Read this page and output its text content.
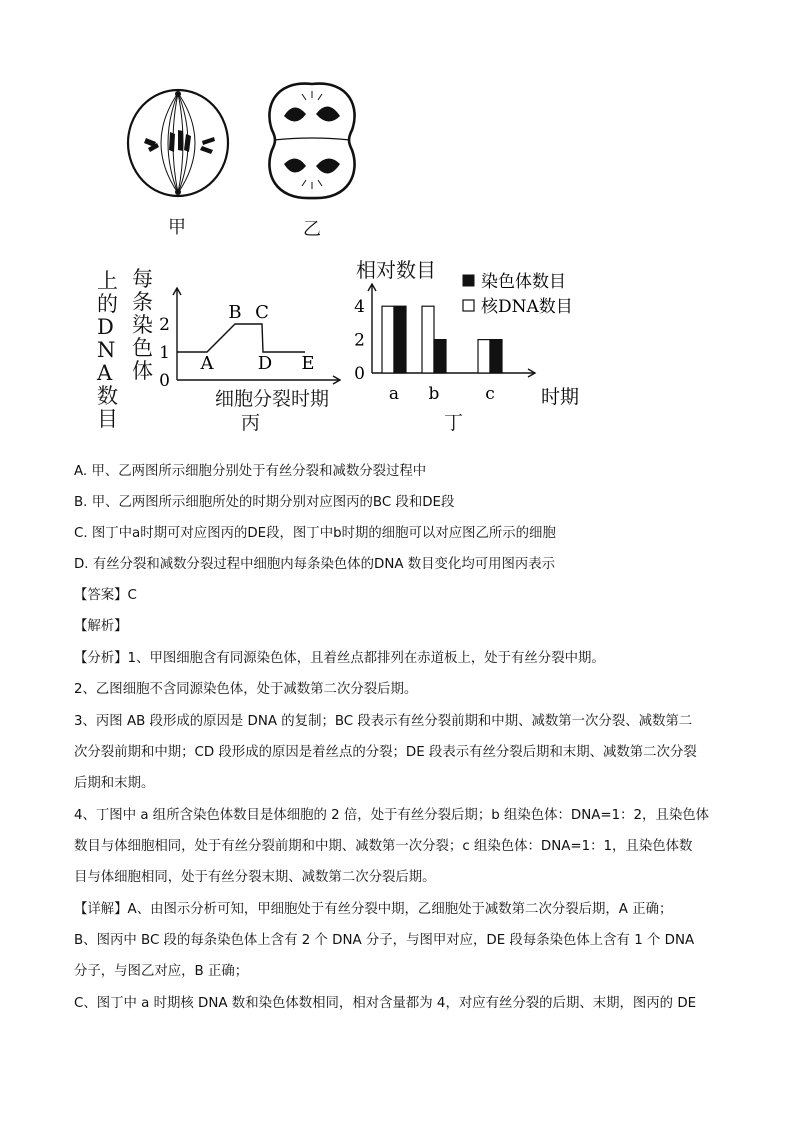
甲	乙
上的DNA数目
每条染色体 0
1
2
A
B C
D E
细胞分裂时期
丙
相对数目
0
2
4
a b	c 时期
染色体数目
核DNA数目
丁
A. 甲、乙两图所示细胞分别处于有丝分裂和减数分裂过程中
B. 甲、乙两图所示细胞所处的时期分别对应图丙的BC 段和DE段
C. 图丁中a时期可对应图丙的DE段，图丁中b时期的细胞可以对应图乙所示的细胞
D. 有丝分裂和减数分裂过程中细胞内每条染色体的DNA 数目变化均可用图丙表示
【答案】C
【解析】
【分析】1、甲图细胞含有同源染色体，且着丝点都排列在赤道板上，处于有丝分裂中期。
2、乙图细胞不含同源染色体，处于减数第二次分裂后期。
3、丙图 AB 段形成的原因是 DNA 的复制；BC 段表示有丝分裂前期和中期、减数第一次分裂、减数第二
次分裂前期和中期；CD 段形成的原因是着丝点的分裂；DE 段表示有丝分裂后期和末期、减数第二次分裂
后期和末期。
4、丁图中 a 组所含染色体数目是体细胞的 2 倍，处于有丝分裂后期；b 组染色体：DNA=1：2，且染色体
数目与体细胞相同，处于有丝分裂前期和中期、减数第一次分裂；c 组染色体：DNA=1：1，且染色体数
目与体细胞相同，处于有丝分裂末期、减数第二次分裂后期。
【详解】A、由图示分析可知，甲细胞处于有丝分裂中期，乙细胞处于减数第二次分裂后期，A 正确；
B、图丙中 BC 段的每条染色体上含有 2 个 DNA 分子，与图甲对应，DE 段每条染色体上含有 1 个 DNA
分子，与图乙对应，B 正确；
C、图丁中 a 时期核 DNA 数和染色体数相同，相对含量都为 4，对应有丝分裂的后期、末期，图丙的 DE
